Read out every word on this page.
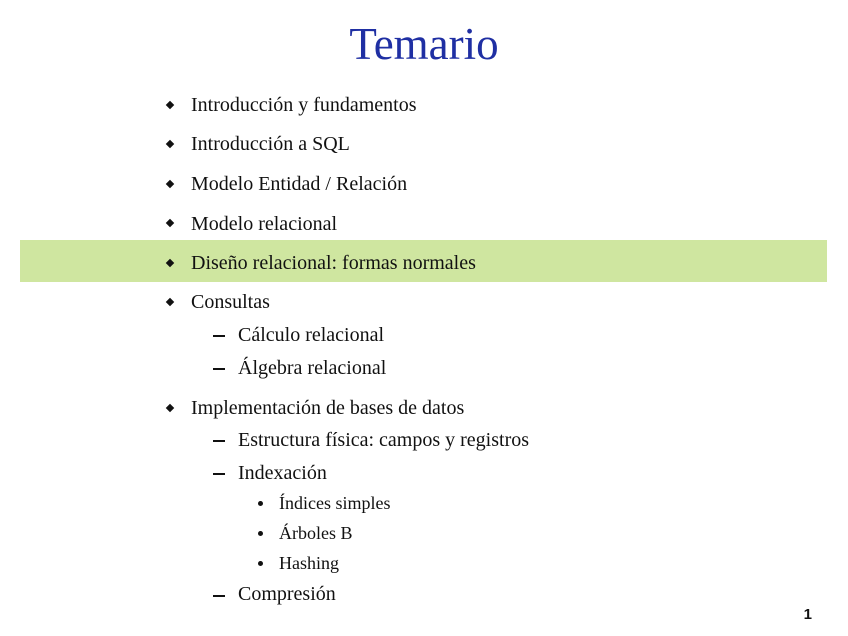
Temario
Introducción y fundamentos
Introducción a SQL
Modelo Entidad / Relación
Modelo relacional
Diseño relacional: formas normales
Consultas
Cálculo relacional
Álgebra relacional
Implementación de bases de datos
Estructura física: campos y registros
Indexación
Índices simples
Árboles B
Hashing
Compresión
1
